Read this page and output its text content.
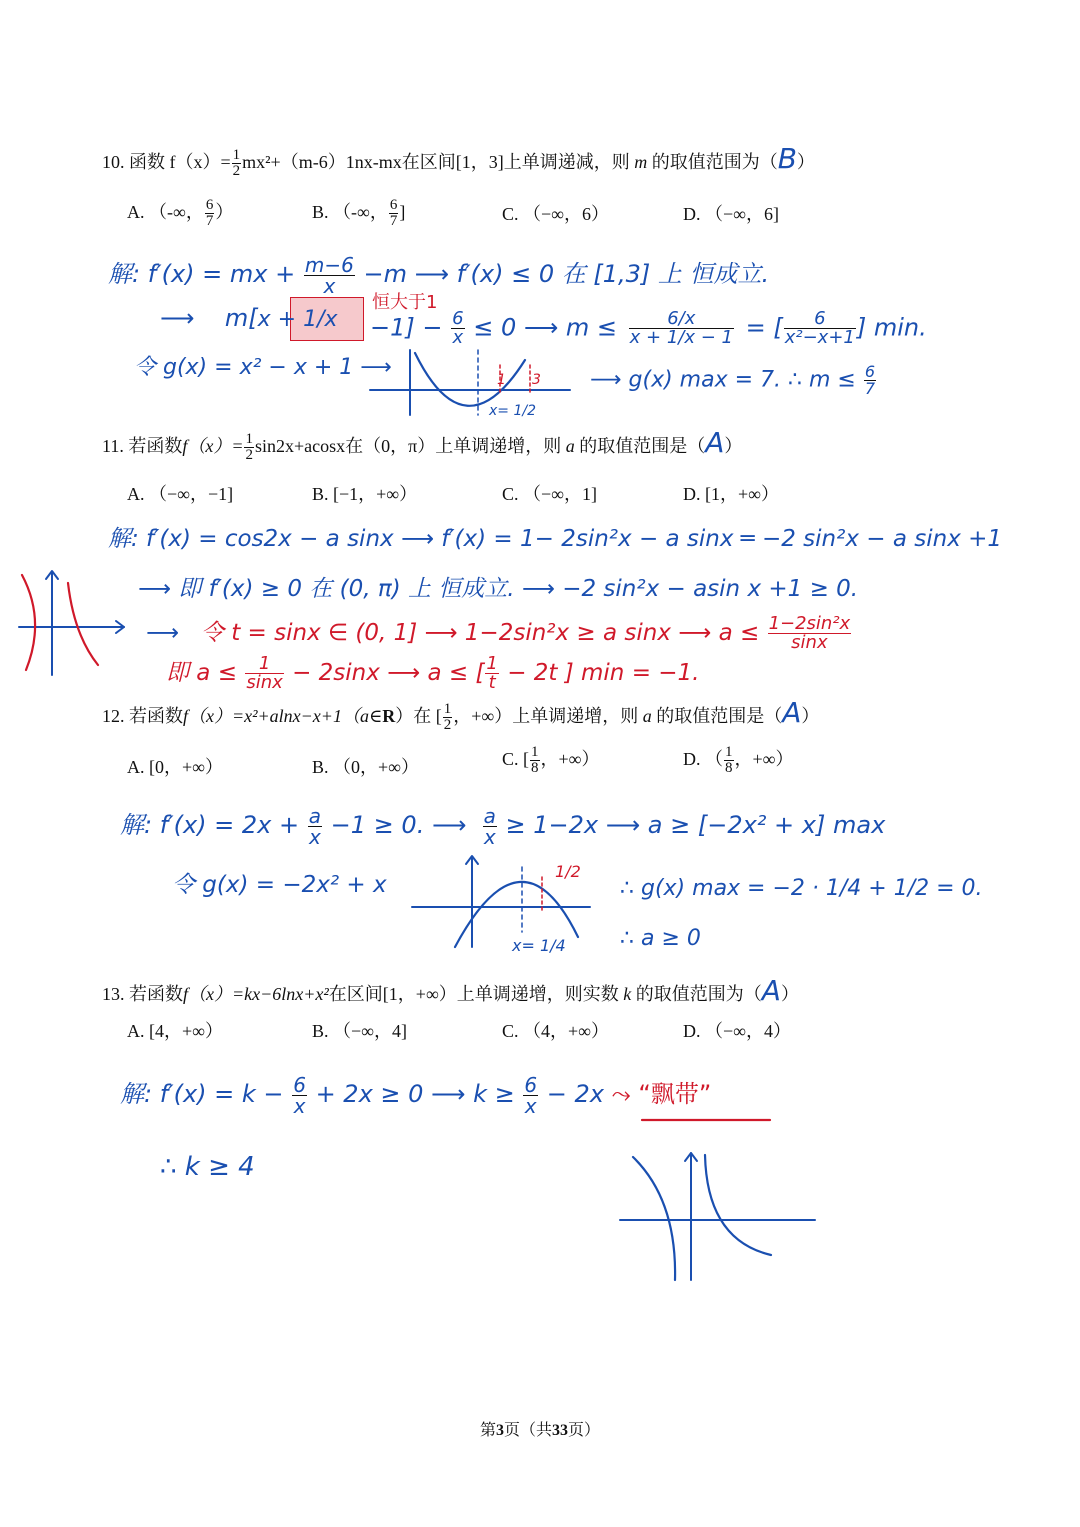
10. 函数 $f(x)= \frac{1}{2} mx^2+(m-6)1nx-mx$在区间[1，3]上单调递减，则 m 的取值范围为（B）
A. （-∞， $\frac{6}{7}$ ）	B. （-∞， $\frac{6}{7}$ ]	C. （−∞，6）	D. （−∞，6]
解: f′(x) = mx + $\frac{m-6}{x} -m$ ⟶ f′(x) ≤ 0 在 [1,3] 上 恒成立.
恒大于1
⟶ $m[x + 1/x -1] - \frac{6}{x} \le 0$ ⟶ $m \le \frac{6/x}{x + 1/x - 1}$ = [ $\frac{6}{\text{x²−x+1}}$ ] min.
令 g(x) = x² − x + 1 ⟶	1 3
x= 1/2
⟶ g(x) max = 7. ∴ $m \le \frac{6}{7}$
11. 若函数$f(x)= \frac{1}{2} \sin 2x+acosx$在（0，π）上单调递增，则 a 的取值范围是（A）
A. （−∞，−1]	B. [−1，+∞）	C. （−∞，1]	D. [1，+∞）
解: f′(x) = cos2x − a sinx ⟶ f′(x) = 1− 2sin²x − a sinx ═ −2 sin²x − a sinx +1
⟶ 即 f′(x) ≥ 0 在 (0, π) 上 恒成立. ⟶ −2 sin²x − asin x +1 ≥ 0.
⟶ 令 t = sinx ∈ (0, 1] ⟶ 1−2sin²x ≥ a sinx ⟶ $a \le \frac{\text{1−2sin²x}}{\sin x}$
即 $a \le \frac{1}{\sin x} - 2\sin x$ ⟶ a ≤ [ $\frac{1}{t} - 2t$ ] min = −1.
12. 若函数f（x）=x²+alnx−x+1（a∈R）在 [ $\frac{1}{2}$ ，+∞）上单调递增，则 a 的取值范围是（A）
A. [0，+∞）	B. （0，+∞）	C. [ $\frac{1}{8}$ ，+∞）	D. （ $\frac{1}{8}$ ，+∞）
解: $f'(x) = 2x + \frac{a}{x} -1 \ge 0$. ⟶ $\frac{a}{x} \ge 1-2x$ ⟶ a ≥ [−2x² + x] max
令 g(x) = −2x² + x
1/2
x= 1/4
∴ g(x) max = −2 · 1/4 + 1/2 = 0.
∴ a ≥ 0
13. 若函数f（x）=kx−6lnx+x²在区间[1，+∞）上单调递增，则实数 k 的取值范围为（A）
A. [4，+∞）	B. （−∞，4]	C. （4，+∞）	D. （−∞，4）
解: $f'(x) = k - \frac{6}{x} + 2x \ge 0$ ⟶ $k \ge \frac{6}{x} - 2x$ ⤳ “飘带”
∴ k ≥ 4
第3页（共33页）
